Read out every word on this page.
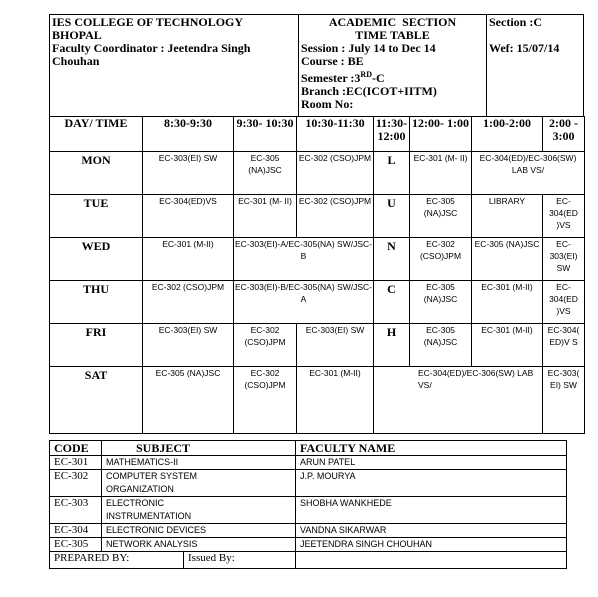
IES COLLEGE OF TECHNOLOGY
BHOPAL
Faculty Coordinator : Jeetendra Singh
Chouhan

ACADEMIC  SECTION
TIME TABLE
Session : July 14 to Dec 14
Course : BE
Semester :3RD-C
Branch :EC(ICOT+IITM)
Room No:

Section :C
Wef: 15/07/14
DAY/ TIME	8:30-9:30	9:30- 10:30	10:30-11:30	11:30- 12:00	12:00- 1:00	1:00-2:00	2:00 - 3:00
MON	EC-303(EI) SW	EC-305 (NA)JSC	EC-302 (CSO)JPM	L	EC-301 (M- II)	EC-304(ED)/EC-306(SW) LAB VS/	
TUE	EC-304(ED)VS	EC-301 (M- II)	EC-302 (CSO)JPM	U	EC-305 (NA)JSC	LIBRARY	EC-304(ED )VS
WED	EC-301 (M-II)	EC-303(EI)-A/EC-305(NA) SW/JSC-B		N	EC-302 (CSO)JPM	EC-305 (NA)JSC	EC-303(EI) SW
THU	EC-302 (CSO)JPM	EC-303(EI)-B/EC-305(NA) SW/JSC-A		C	EC-305 (NA)JSC	EC-301 (M-II)	EC-304(ED )VS
FRI	EC-303(EI) SW	EC-302 (CSO)JPM	EC-303(EI) SW	H	EC-305 (NA)JSC	EC-301 (M-II)	EC-304( ED)V S
SAT	EC-305 (NA)JSC	EC-302 (CSO)JPM	EC-301 (M-II)	EC-304(ED)/EC-306(SW) LAB VS/			EC-303( EI) SW
CODE	SUBJECT		FACULTY NAME
EC-301	MATHEMATICS-II		ARUN PATEL
EC-302	COMPUTER SYSTEM ORGANIZATION		J.P. MOURYA
EC-303	ELECTRONIC INSTRUMENTATION		SHOBHA WANKHEDE
EC-304	ELECTRONIC DEVICES		VANDNA SIKARWAR
EC-305	NETWORK ANALYSIS		JEETENDRA SINGH CHOUHAN
PREPARED BY:		Issued By:	
